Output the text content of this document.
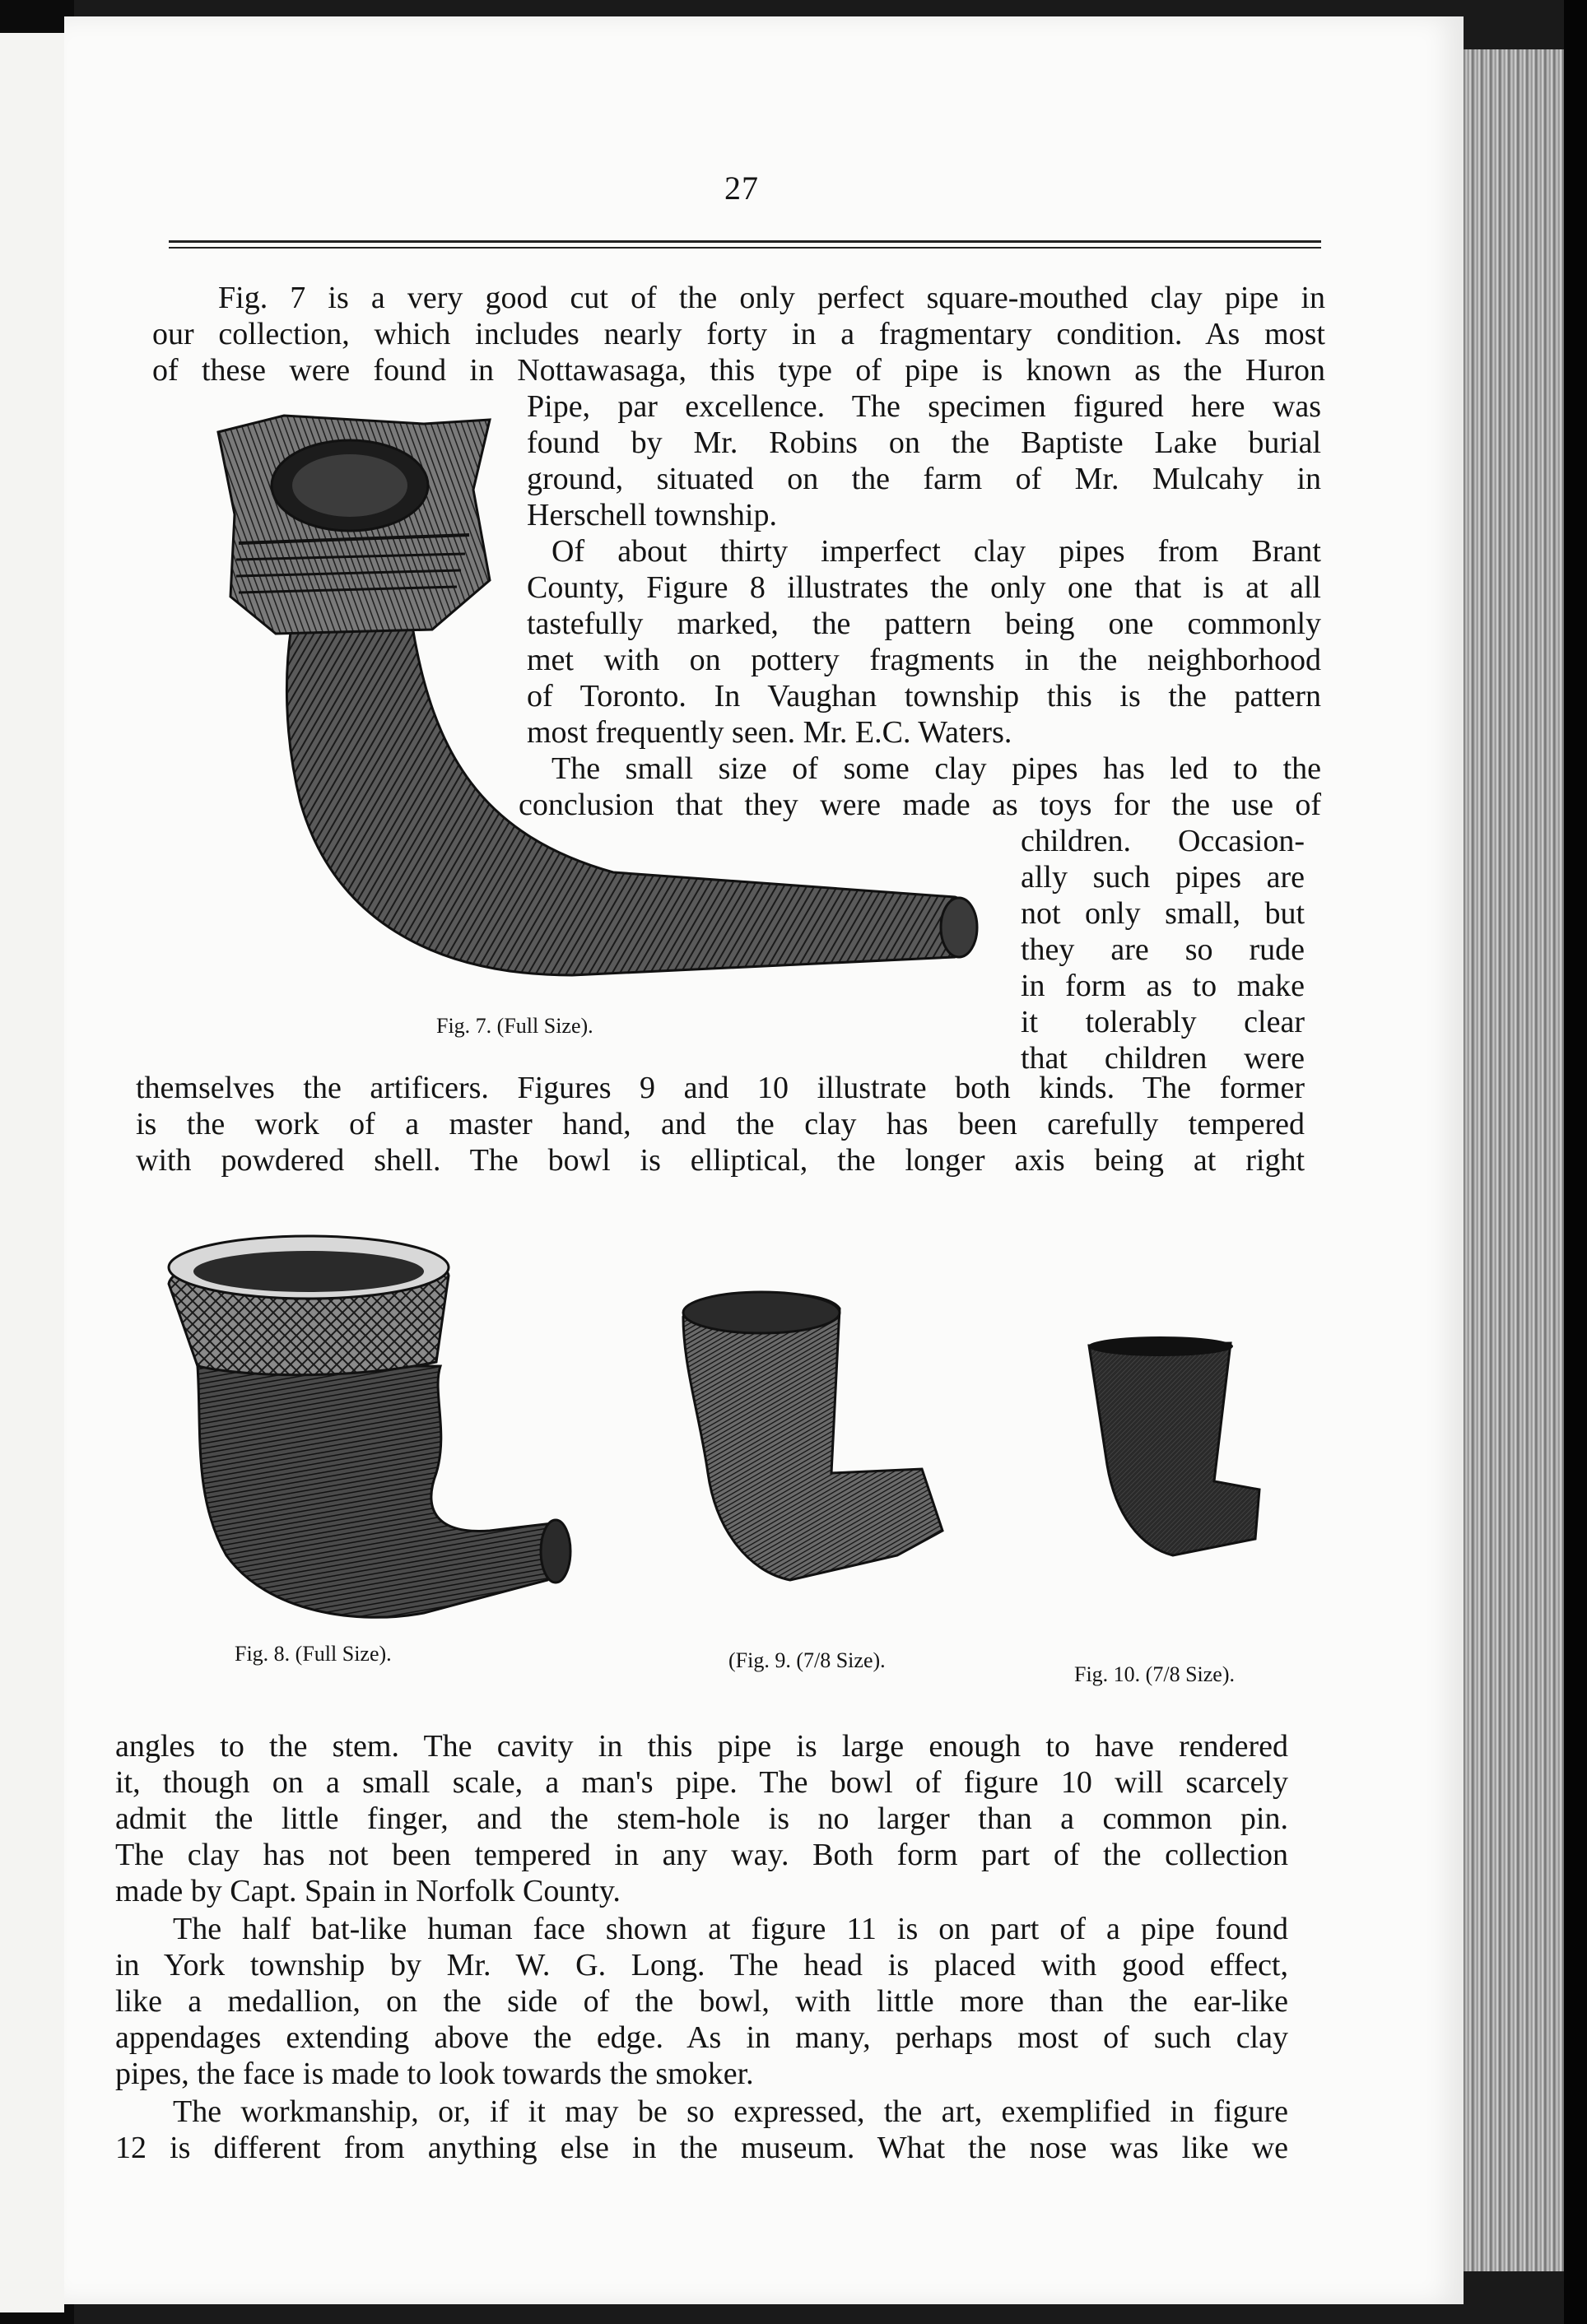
27

Fig. 7 is a very good cut of the only perfect square-mouthed clay pipe in

our collection, which includes nearly forty in a fragmentary condition. As most

of these were found in Nottawasaga, this type of pipe is known as the Huron

Pipe, par excellence. The specimen figured here was

found by Mr. Robins on the Baptiste Lake burial

ground, situated on the farm of Mr. Mulcahy in

Herschell township.

Of about thirty imperfect clay pipes from Brant

County, Figure 8 illustrates the only one that is at all

tastefully marked, the pattern being one commonly

met with on pottery fragments in the neighborhood

of Toronto. In Vaughan township this is the pattern

most frequently seen. Mr. E.C. Waters.

The small size of some clay pipes has led to the

conclusion that they were made as toys for the use of

children. Occasion-

ally such pipes are

not only small, but

they are so rude

in form as to make

it tolerably clear

that children were

themselves the artificers. Figures 9 and 10 illustrate both kinds. The former

is the work of a master hand, and the clay has been carefully tempered

with powdered shell. The bowl is elliptical, the longer axis being at right

angles to the stem. The cavity in this pipe is large enough to have rendered

it, though on a small scale, a man's pipe. The bowl of figure 10 will scarcely

admit the little finger, and the stem-hole is no larger than a common pin.

The clay has not been tempered in any way. Both form part of the collection

made by Capt. Spain in Norfolk County.

The half bat-like human face shown at figure 11 is on part of a pipe found

in York township by Mr. W. G. Long. The head is placed with good effect,

like a medallion, on the side of the bowl, with little more than the ear-like

appendages extending above the edge. As in many, perhaps most of such clay

pipes, the face is made to look towards the smoker.

The workmanship, or, if it may be so expressed, the art, exemplified in figure

12 is different from anything else in the museum. What the nose was like we

Fig. 7. (Full Size).
Fig. 8. (Full Size).	(Fig. 9. (7/8 Size).
Fig. 10. (7/8 Size).
